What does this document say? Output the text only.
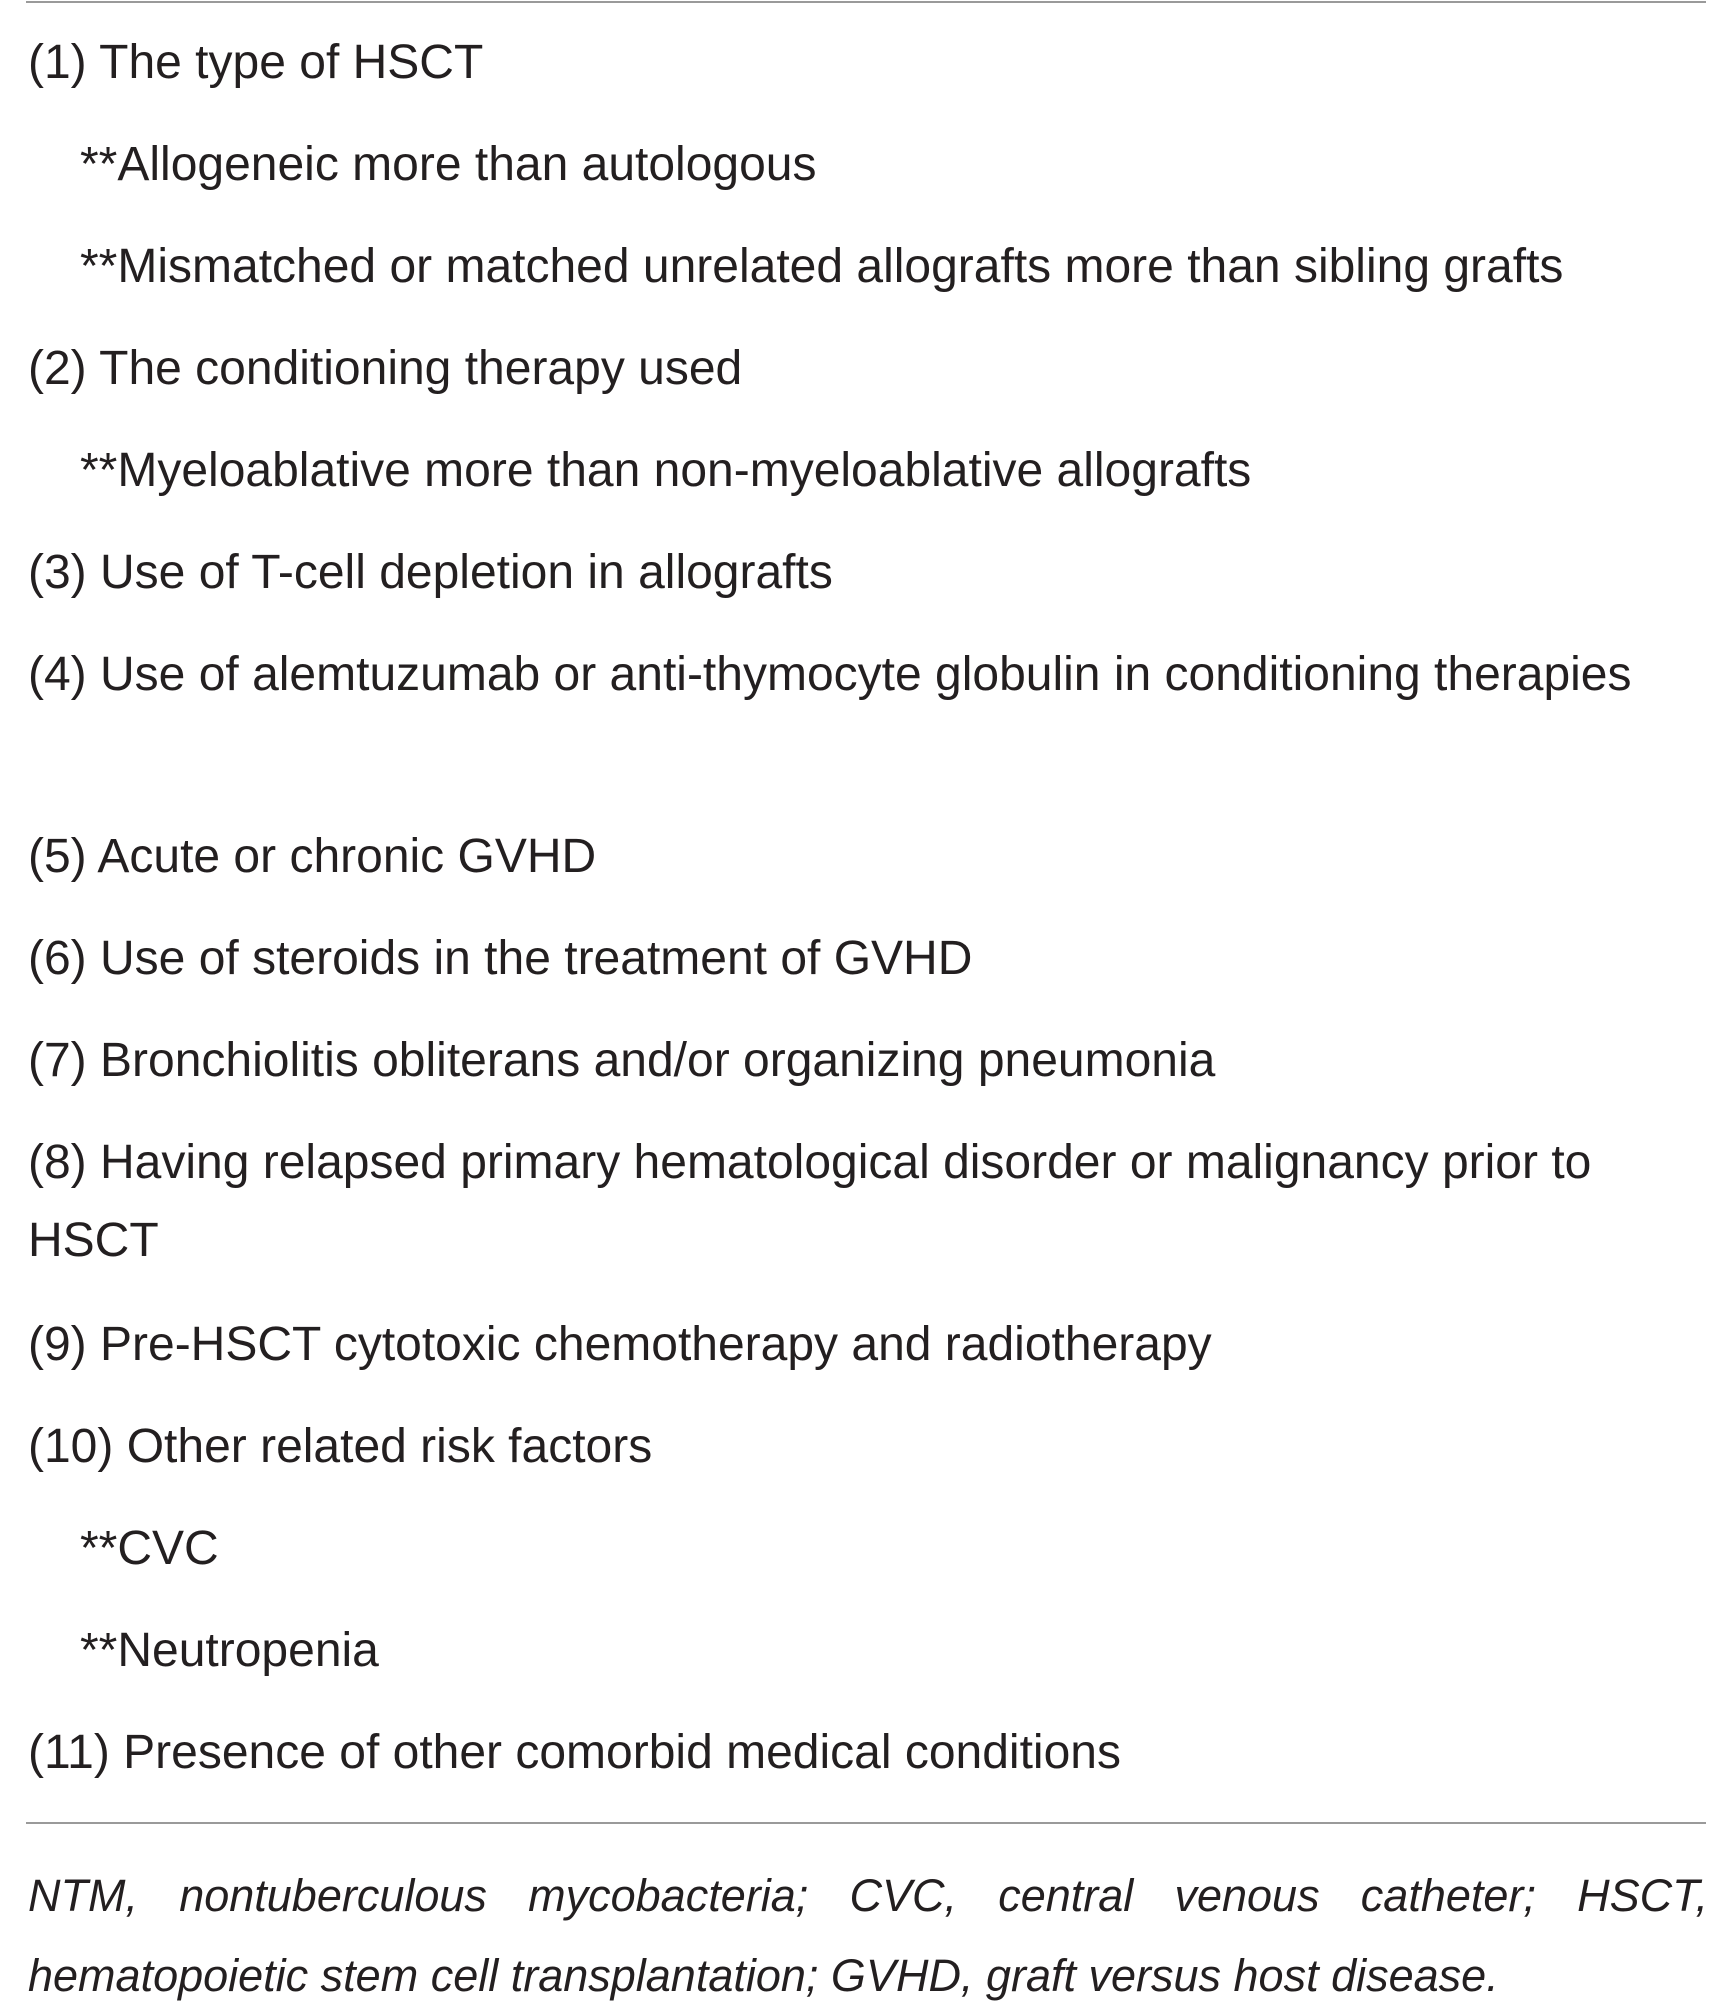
(1) The type of HSCT
**Allogeneic more than autologous
**Mismatched or matched unrelated allografts more than sibling grafts
(2) The conditioning therapy used
**Myeloablative more than non-myeloablative allografts
(3) Use of T-cell depletion in allografts
(4) Use of alemtuzumab or anti-thymocyte globulin in conditioning therapies
(5) Acute or chronic GVHD
(6) Use of steroids in the treatment of GVHD
(7) Bronchiolitis obliterans and/or organizing pneumonia
(8) Having relapsed primary hematological disorder or malignancy prior to HSCT
(9) Pre-HSCT cytotoxic chemotherapy and radiotherapy
(10) Other related risk factors
**CVC
**Neutropenia
(11) Presence of other comorbid medical conditions
NTM, nontuberculous mycobacteria; CVC, central venous catheter; HSCT, hematopoietic stem cell transplantation; GVHD, graft versus host disease.
